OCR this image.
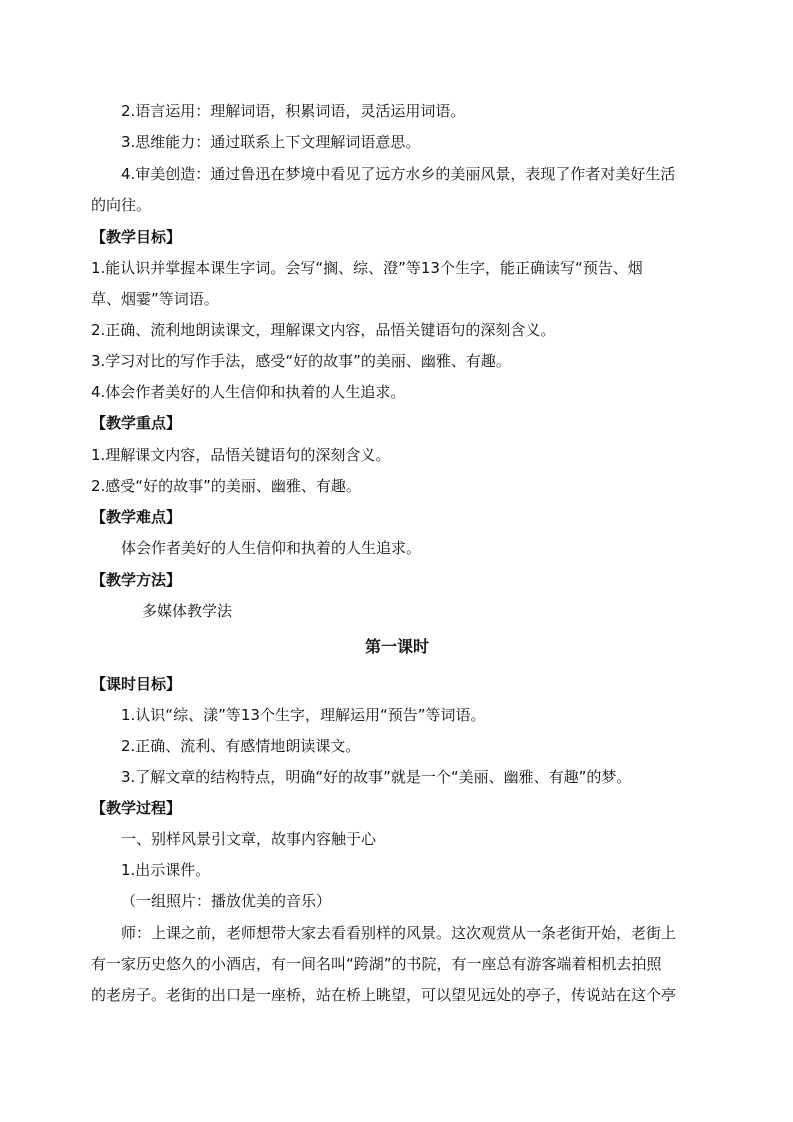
2.语言运用：理解词语，积累词语，灵活运用词语。

3.思维能力：通过联系上下文理解词语意思。

4.审美创造：通过鲁迅在梦境中看见了远方水乡的美丽风景，表现了作者对美好生活

的向往。

【教学目标】

1.能认识并掌握本课生字词。会写“搁、综、澄”等13个生字，能正确读写“预告、烟

草、烟霎”等词语。

2.正确、流利地朗读课文，理解课文内容，品悟关键语句的深刻含义。

3.学习对比的写作手法，感受“好的故事”的美丽、幽雅、有趣。

4.体会作者美好的人生信仰和执着的人生追求。

【教学重点】

1.理解课文内容，品悟关键语句的深刻含义。

2.感受“好的故事”的美丽、幽雅、有趣。

【教学难点】

体会作者美好的人生信仰和执着的人生追求。

【教学方法】

多媒体教学法

第一课时

【课时目标】

1.认识“综、漾”等13个生字，理解运用“预告”等词语。

2.正确、流利、有感情地朗读课文。

3.了解文章的结构特点，明确“好的故事”就是一个“美丽、幽雅、有趣”的梦。

【教学过程】

一、别样风景引文章，故事内容触于心

1.出示课件。

（一组照片：播放优美的音乐）

师：上课之前，老师想带大家去看看别样的风景。这次观赏从一条老街开始，老街上

有一家历史悠久的小酒店，有一间名叫“跨湖”的书院，有一座总有游客端着相机去拍照

的老房子。老街的出口是一座桥，站在桥上眺望，可以望见远处的亭子，传说站在这个亭
